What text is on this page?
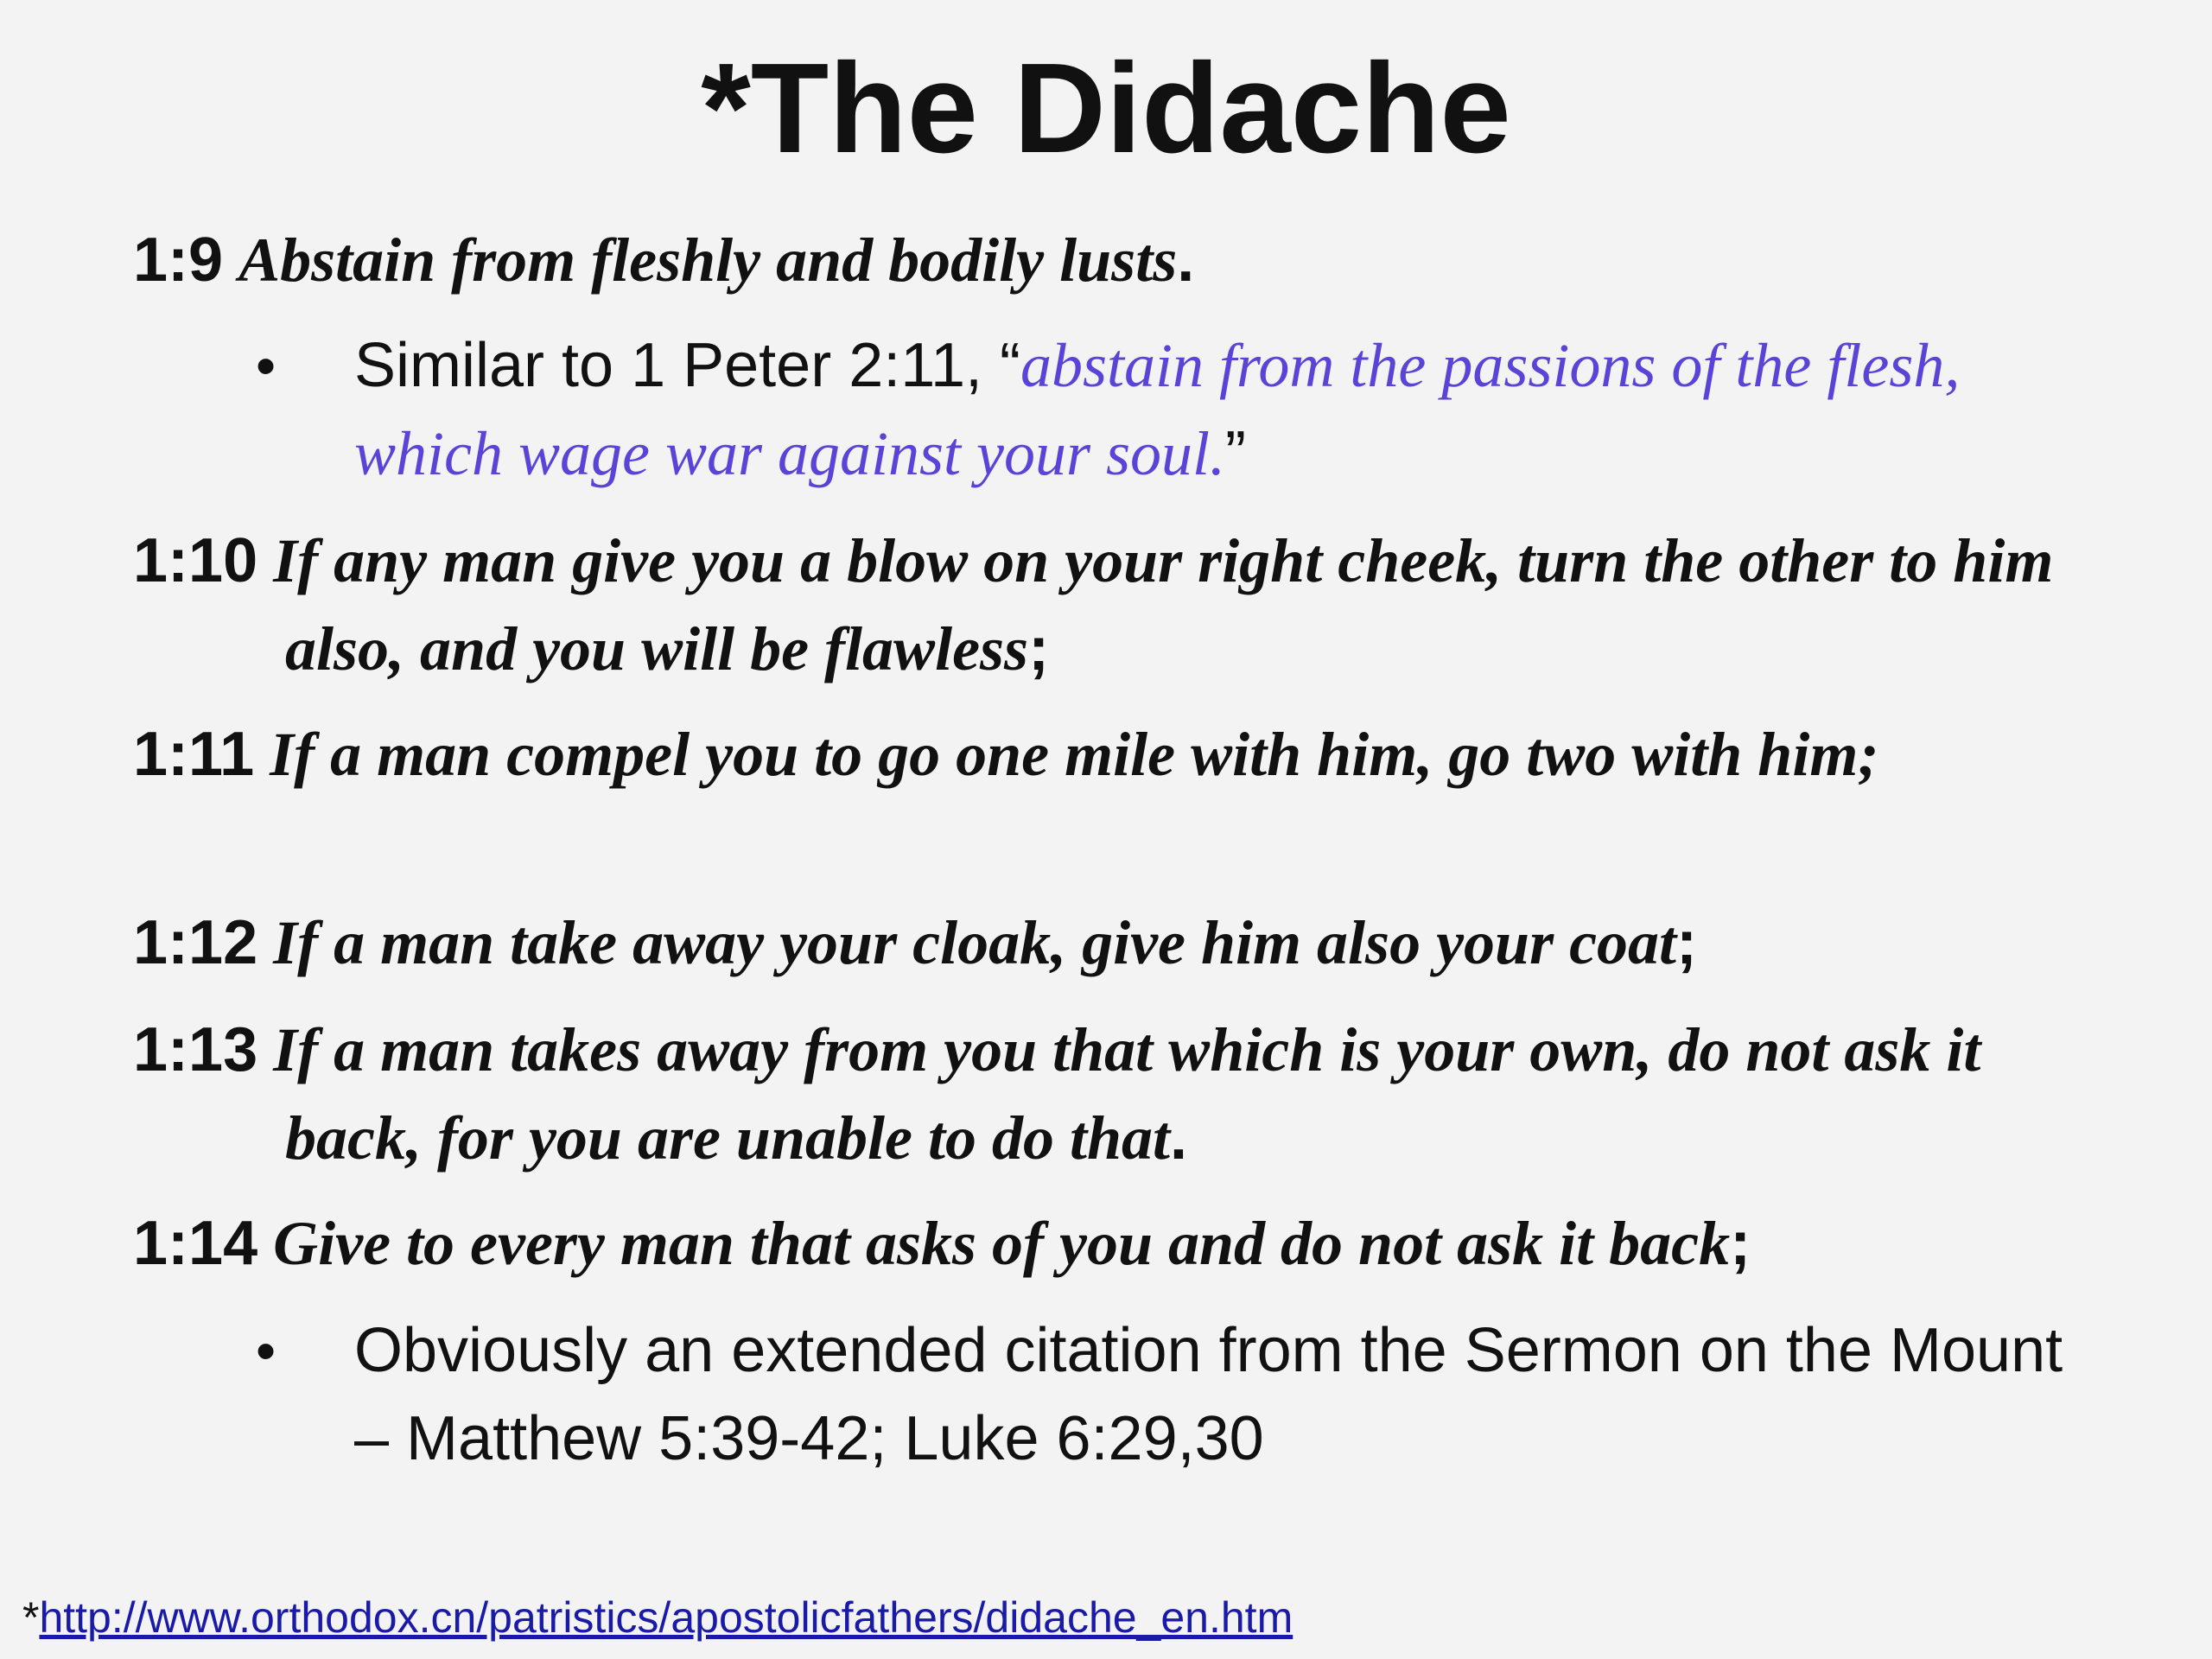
*The Didache
1:9 Abstain from fleshly and bodily lusts.
• Similar to 1 Peter 2:11, “abstain from the passions of the flesh, which wage war against your soul.”
1:10 If any man give you a blow on your right cheek, turn the other to him also, and you will be flawless;
1:11 If a man compel you to go one mile with him, go two with him;
1:12 If a man take away your cloak, give him also your coat;
1:13 If a man takes away from you that which is your own, do not ask it back, for you are unable to do that.
1:14 Give to every man that asks of you and do not ask it back;
• Obviously an extended citation from the Sermon on the Mount – Matthew 5:39-42; Luke 6:29,30
*http://www.orthodox.cn/patristics/apostolicfathers/didache_en.htm
